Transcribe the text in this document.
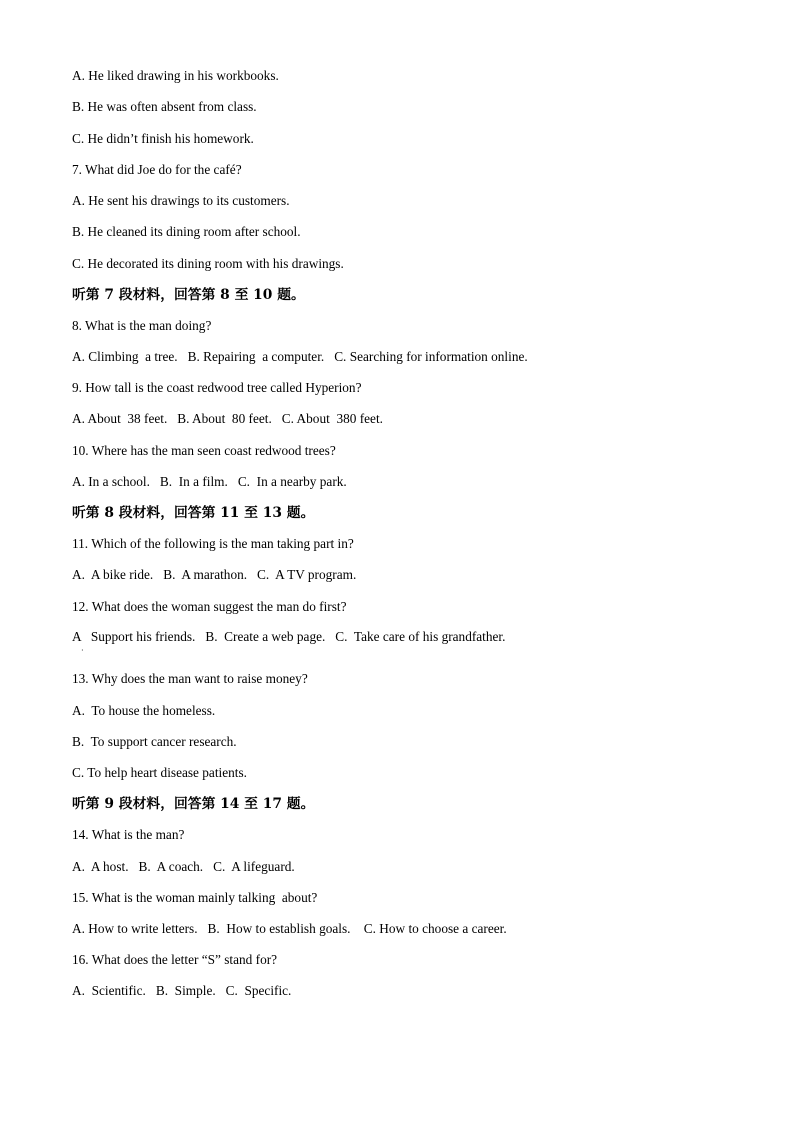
A. He liked drawing in his workbooks.
B. He was often absent from class.
C. He didn’t finish his homework.
7. What did Joe do for the café?
A. He sent his drawings to its customers.
B. He cleaned its dining room after school.
C. He decorated its dining room with his drawings.
听第 7 段材料，回答第 8 至 10 题。
8. What is the man doing?
A. Climbing  a tree.   B. Repairing  a computer.   C. Searching for information online.
9. How tall is the coast redwood tree called Hyperion?
A. About  38 feet.   B. About  80 feet.   C. About  380 feet.
10. Where has the man seen coast redwood trees?
A. In a school.   B.  In a film.   C.  In a nearby park.
听第 8 段材料，回答第 11 至 13 题。
11. Which of the following is the man taking part in?
A.  A bike ride.   B.  A marathon.   C.  A TV program.
12. What does the woman suggest the man do first?
A   Support his friends.   B.  Create a web page.   C.  Take care of his grandfather.
·
13. Why does the man want to raise money?
A.  To house the homeless.
B.  To support cancer research.
C. To help heart disease patients.
听第 9 段材料，回答第 14 至 17 题。
14. What is the man?
A.  A host.   B.  A coach.   C.  A lifeguard.
15. What is the woman mainly talking  about?
A. How to write letters.   B.  How to establish goals.    C. How to choose a career.
16. What does the letter “S” stand for?
A.  Scientific.   B.  Simple.   C.  Specific.
